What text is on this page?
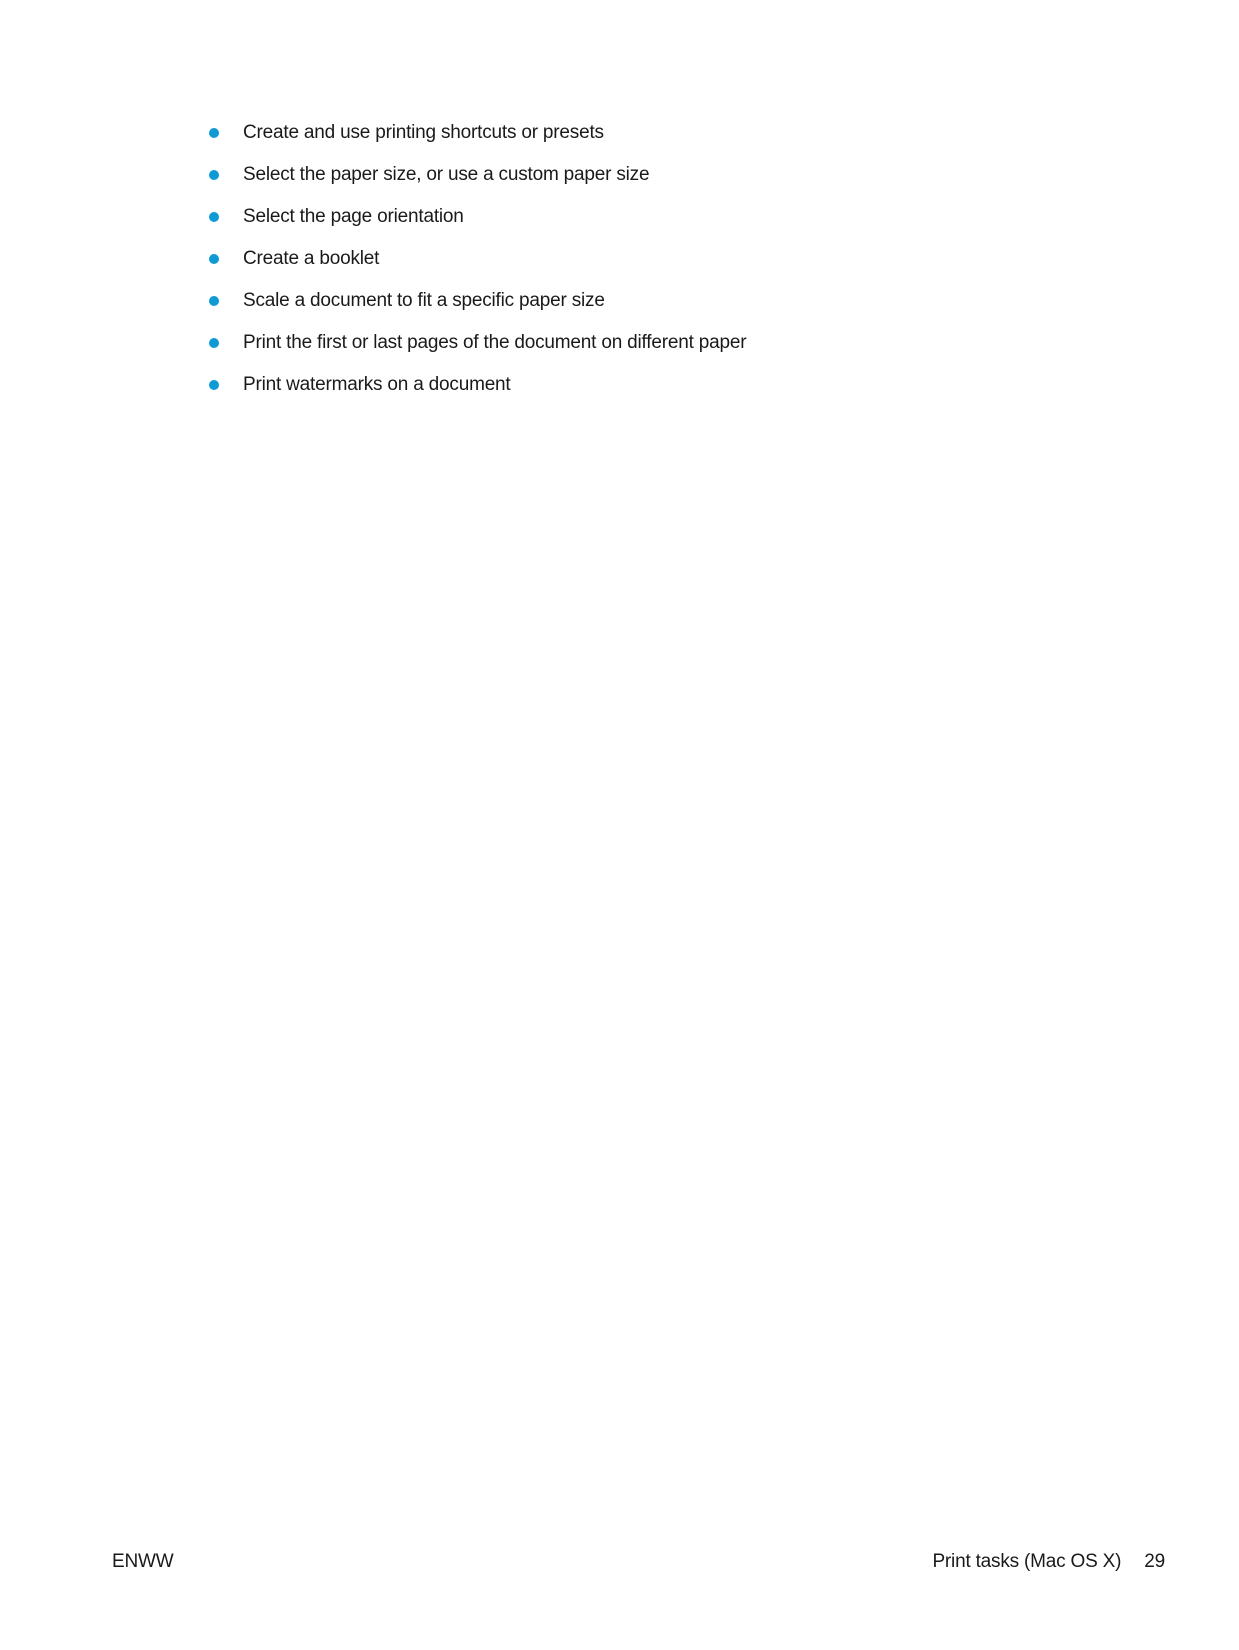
Create and use printing shortcuts or presets
Select the paper size, or use a custom paper size
Select the page orientation
Create a booklet
Scale a document to fit a specific paper size
Print the first or last pages of the document on different paper
Print watermarks on a document
ENWW	Print tasks (Mac OS X) 29
